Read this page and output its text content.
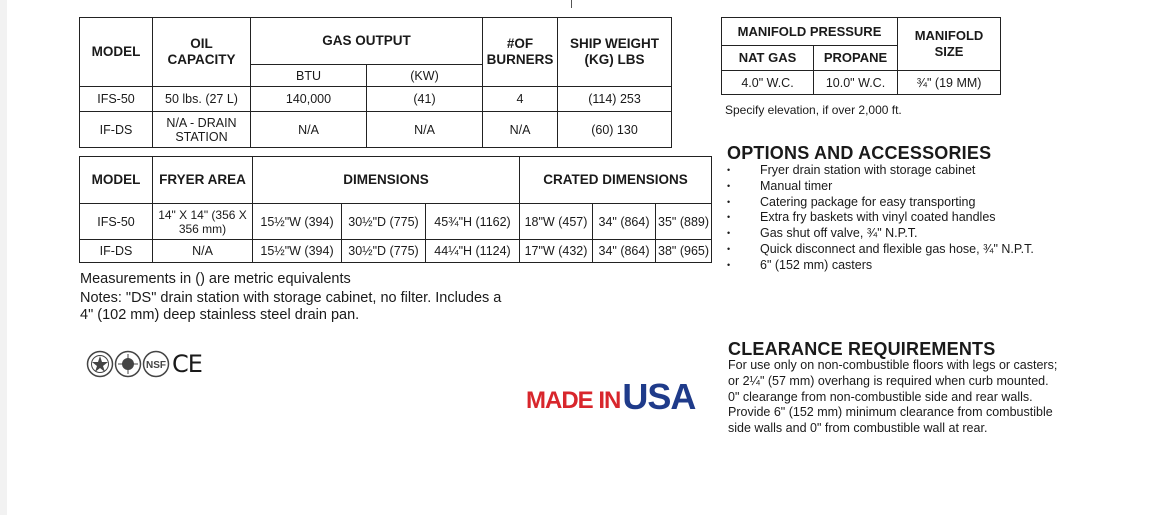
MODEL	OIL CAPACITY	GAS OUTPUT		#OF BURNERS	SHIP WEIGHT (KG) LBS
		BTU	(KW)		
IFS-50	50 lbs. (27 L)	140,000	(41)	4	(114) 253
IF-DS	N/A - DRAIN STATION	N/A	N/A	N/A	(60) 130
MODEL	FRYER AREA	DIMENSIONS			CRATED DIMENSIONS		
IFS-50	14" X 14" (356 X 356 mm)	15½"W (394)	30½"D (775)	45¾"H (1162)	18"W (457)	34" (864)	35" (889)
IF-DS	N/A	15½"W (394)	30½"D (775)	44¼"H (1124)	17"W (432)	34" (864)	38" (965)
MANIFOLD PRESSURE		MANIFOLD SIZE
NAT GAS	PROPANE	
4.0" W.C.	10.0" W.C.	¾" (19 MM)
Specify elevation, if over 2,000 ft.
Measurements in () are metric equivalents
Notes: "DS" drain station with storage cabinet, no filter. Includes a
4" (102 mm) deep stainless steel drain pan.
OPTIONS AND ACCESSORIES
• Fryer drain station with storage cabinet
• Manual timer
• Catering package for easy transporting
• Extra fry baskets with vinyl coated handles
• Gas shut off valve, ¾" N.P.T.
• Quick disconnect and flexible gas hose, ¾" N.P.T.
• 6" (152 mm) casters
CLEARANCE REQUIREMENTS
For use only on non-combustible floors with legs or casters; or 2¼" (57 mm) overhang is required when curb mounted. 0" clearange from non-combustible side and rear walls. Provide 6" (152 mm) minimum clearance from combustible side walls and 0" from combustible wall at rear.
NSF CE
MADE IN USA
